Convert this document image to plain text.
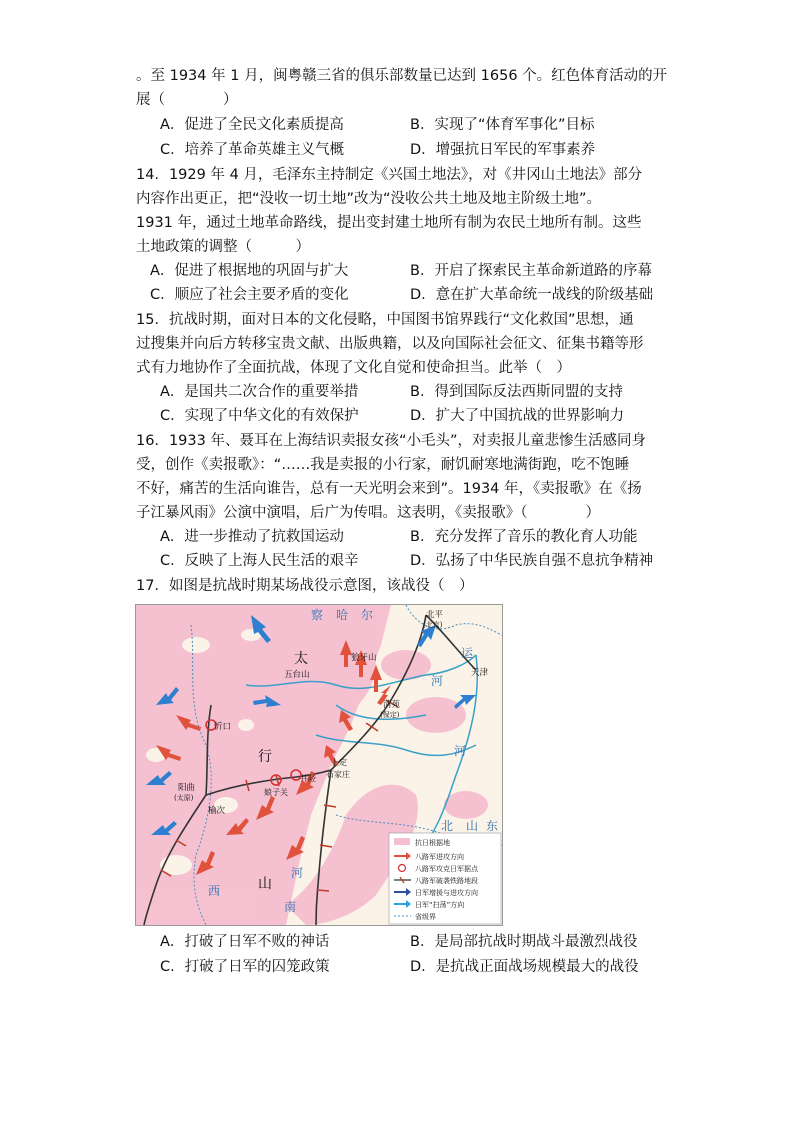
。至 1934 年 1 月，闽粤赣三省的俱乐部数量已达到 1656 个。红色体育活动的开
展（　　　　）
A．促进了全民文化素质提高	B．实现了“体育军事化”目标
C．培养了革命英雄主义气概	D．增强抗日军民的军事素养
14．1929 年 4 月，毛泽东主持制定《兴国土地法》，对《井冈山土地法》部分
内容作出更正，把“没收一切土地”改为“没收公共土地及地主阶级土地”。
1931 年，通过土地革命路线，提出变封建土地所有制为农民土地所有制。这些
土地政策的调整（　　　）
A．促进了根据地的巩固与扩大	B．开启了探索民主革命新道路的序幕
C．顺应了社会主要矛盾的变化	D．意在扩大革命统一战线的阶级基础
15．抗战时期，面对日本的文化侵略，中国图书馆界践行“文化救国”思想，通
过搜集并向后方转移宝贵文献、出版典籍，以及向国际社会征文、征集书籍等形
式有力地协作了全面抗战，体现了文化自觉和使命担当。此举（　）
A．是国共二次合作的重要举措	B．得到国际反法西斯同盟的支持
C．实现了中华文化的有效保护	D．扩大了中国抗战的世界影响力
16．1933 年、聂耳在上海结识卖报女孩“小毛头”，对卖报儿童悲惨生活感同身
受，创作《卖报歌》：“……我是卖报的小行家，耐饥耐寒地满街跑，吃不饱睡
不好，痛苦的生活向谁告，总有一天光明会来到”。1934 年，《卖报歌》在《扬
子江暴风雨》公演中演唱，后广为传唱。这表明，《卖报歌》（　　　　）
A．进一步推动了抗救国运动	B．充分发挥了音乐的教化育人功能
C．反映了上海人民生活的艰辛	D．弘扬了中华民族自强不息抗争精神
17．如图是抗战时期某场战役示意图，该战役（　）
北平
(北京)
天津
五台山
狼牙山
清苑
(保定)
忻口
阳曲
(太原)
榆次
娘子关
井陉
上定
石家庄
察 哈 尔
太
行
山
西
河
北 山 东
河
南
运
河
抗日根据地
八路军进攻方向
八路军攻克日军据点
八路军破袭铁路地段
日军增援与进攻方向
日军“扫荡”方向
省级界
A．打破了日军不败的神话	B．是局部抗战时期战斗最激烈战役
C．打破了日军的囚笼政策	D．是抗战正面战场规模最大的战役
